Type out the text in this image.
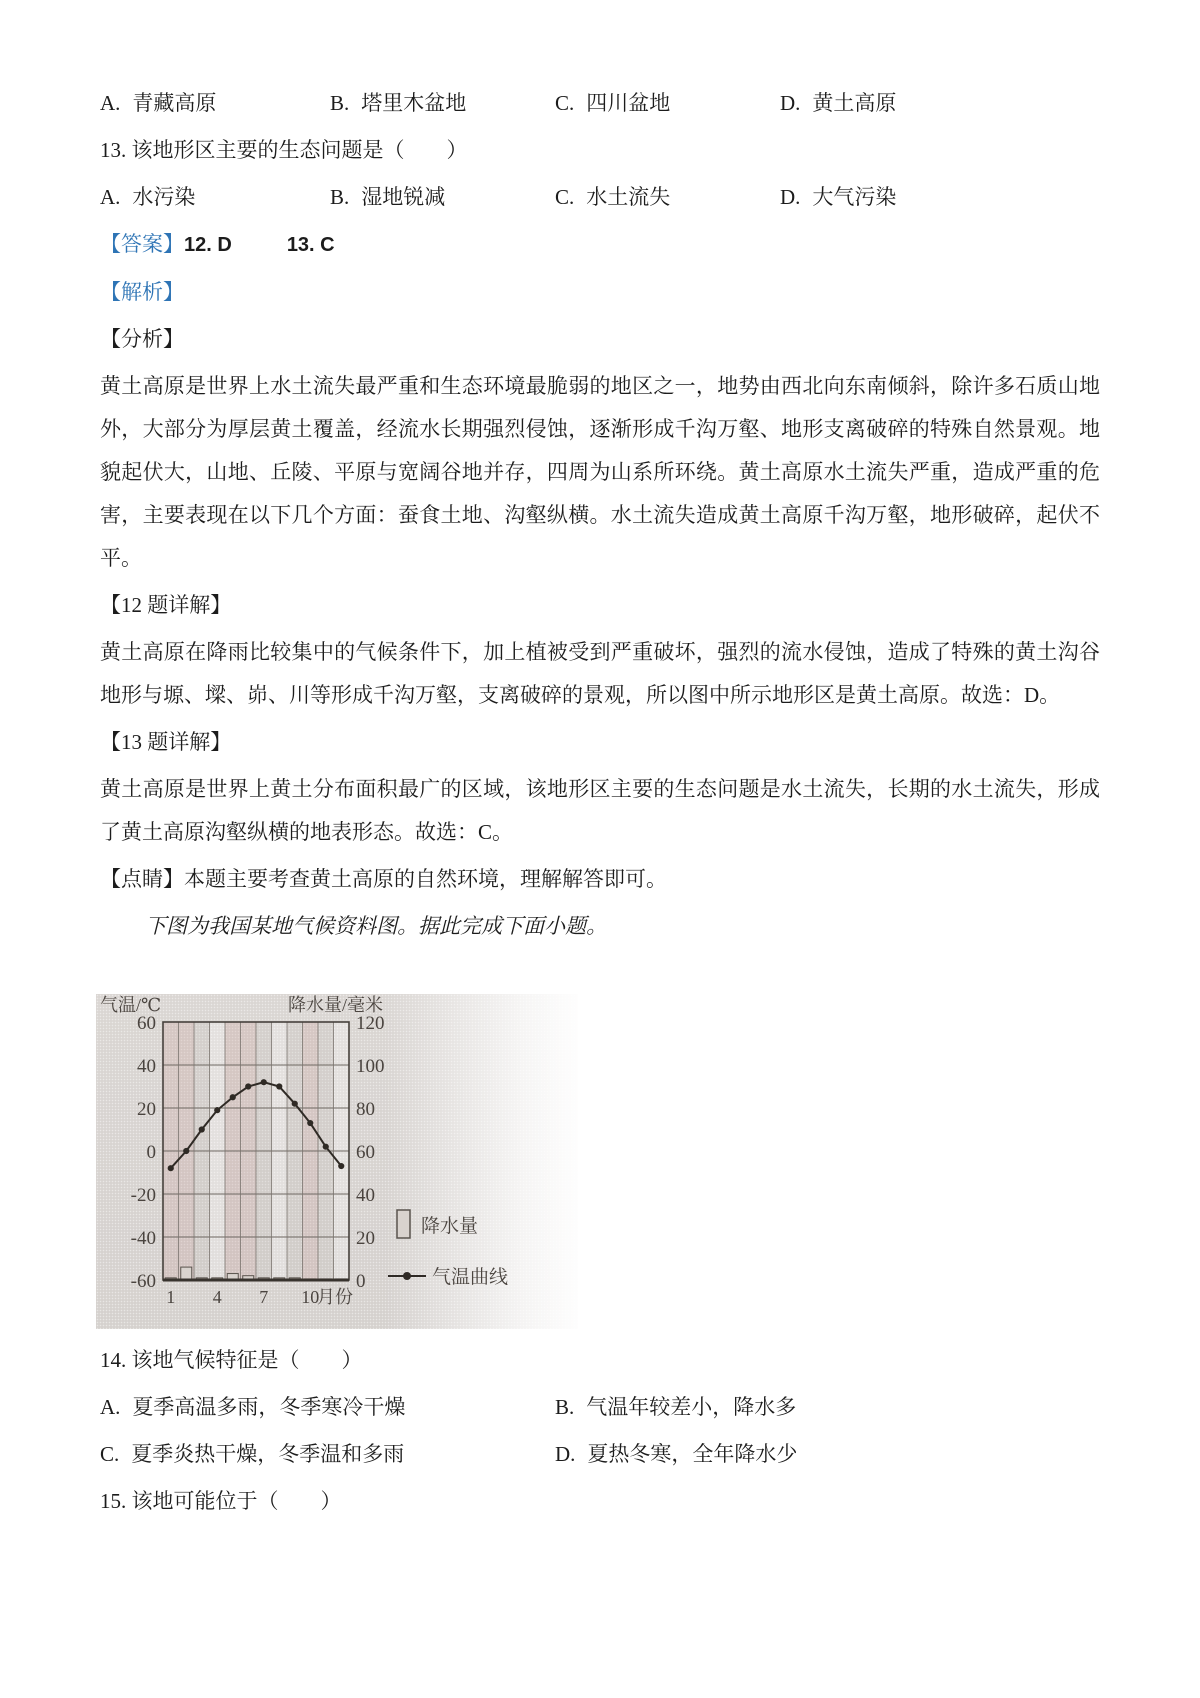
A. 青藏高原	B. 塔里木盆地	C. 四川盆地	D. 黄土高原

13. 该地形区主要的生态问题是（　　）

A. 水污染	B. 湿地锐减	C. 水土流失	D. 大气污染

【答案】12. D	13. C

【解析】

【分析】

黄土高原是世界上水土流失最严重和生态环境最脆弱的地区之一，地势由西北向东南倾斜，除许多石质山地外，大部分为厚层黄土覆盖，经流水长期强烈侵蚀，逐渐形成千沟万壑、地形支离破碎的特殊自然景观。地貌起伏大，山地、丘陵、平原与宽阔谷地并存，四周为山系所环绕。黄土高原水土流失严重，造成严重的危害，主要表现在以下几个方面：蚕食土地、沟壑纵横。水土流失造成黄土高原千沟万壑，地形破碎，起伏不平。

【12 题详解】

黄土高原在降雨比较集中的气候条件下，加上植被受到严重破坏，强烈的流水侵蚀，造成了特殊的黄土沟谷地形与塬、墚、峁、川等形成千沟万壑，支离破碎的景观，所以图中所示地形区是黄土高原。故选：D。

【13 题详解】

黄土高原是世界上黄土分布面积最广的区域，该地形区主要的生态问题是水土流失，长期的水土流失，形成了黄土高原沟壑纵横的地表形态。故选：C。

【点睛】本题主要考查黄土高原的自然环境，理解解答即可。

下图为我国某地气候资料图。据此完成下面小题。

气温/℃	降水量/毫米
60
40
20
0
-20
-40
-60
120
100
80
60
40
20
0
1 4 7 10
月份
降水量
气温曲线

14. 该地气候特征是（　　）

A. 夏季高温多雨，冬季寒冷干燥	B. 气温年较差小，降水多
C. 夏季炎热干燥，冬季温和多雨	D. 夏热冬寒，全年降水少

15. 该地可能位于（　　）
